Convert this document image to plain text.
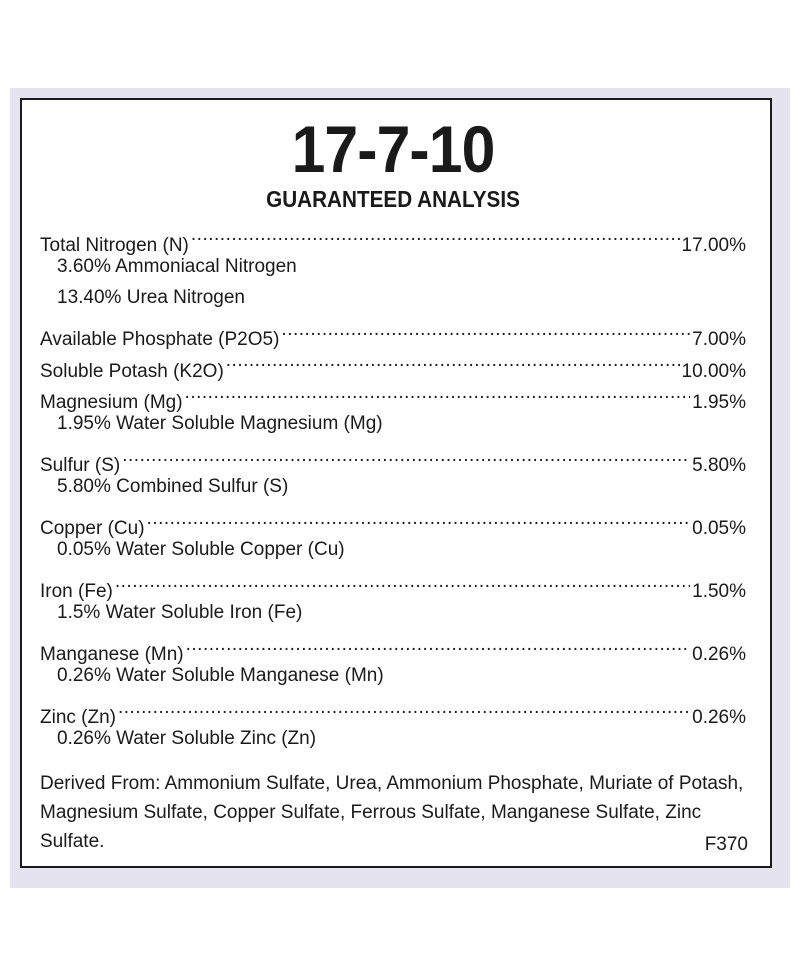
17-7-10
GUARANTEED ANALYSIS
Total Nitrogen (N) .....	17.00%
3.60% Ammoniacal Nitrogen
13.40% Urea Nitrogen
Available Phosphate (P2O5) .....	7.00%
Soluble Potash (K2O) .....	10.00%
Magnesium (Mg) .....	1.95%
1.95% Water Soluble Magnesium (Mg)
Sulfur (S) .....	5.80%
5.80% Combined Sulfur (S)
Copper (Cu) .....	0.05%
0.05% Water Soluble Copper (Cu)
Iron (Fe) .....	1.50%
1.5% Water Soluble Iron (Fe)
Manganese (Mn) .....	0.26%
0.26% Water Soluble Manganese (Mn)
Zinc (Zn) .....	0.26%
0.26% Water Soluble Zinc (Zn)
Derived From: Ammonium Sulfate, Urea, Ammonium Phosphate, Muriate of Potash, Magnesium Sulfate, Copper Sulfate, Ferrous Sulfate, Manganese Sulfate, Zinc Sulfate.	F370
